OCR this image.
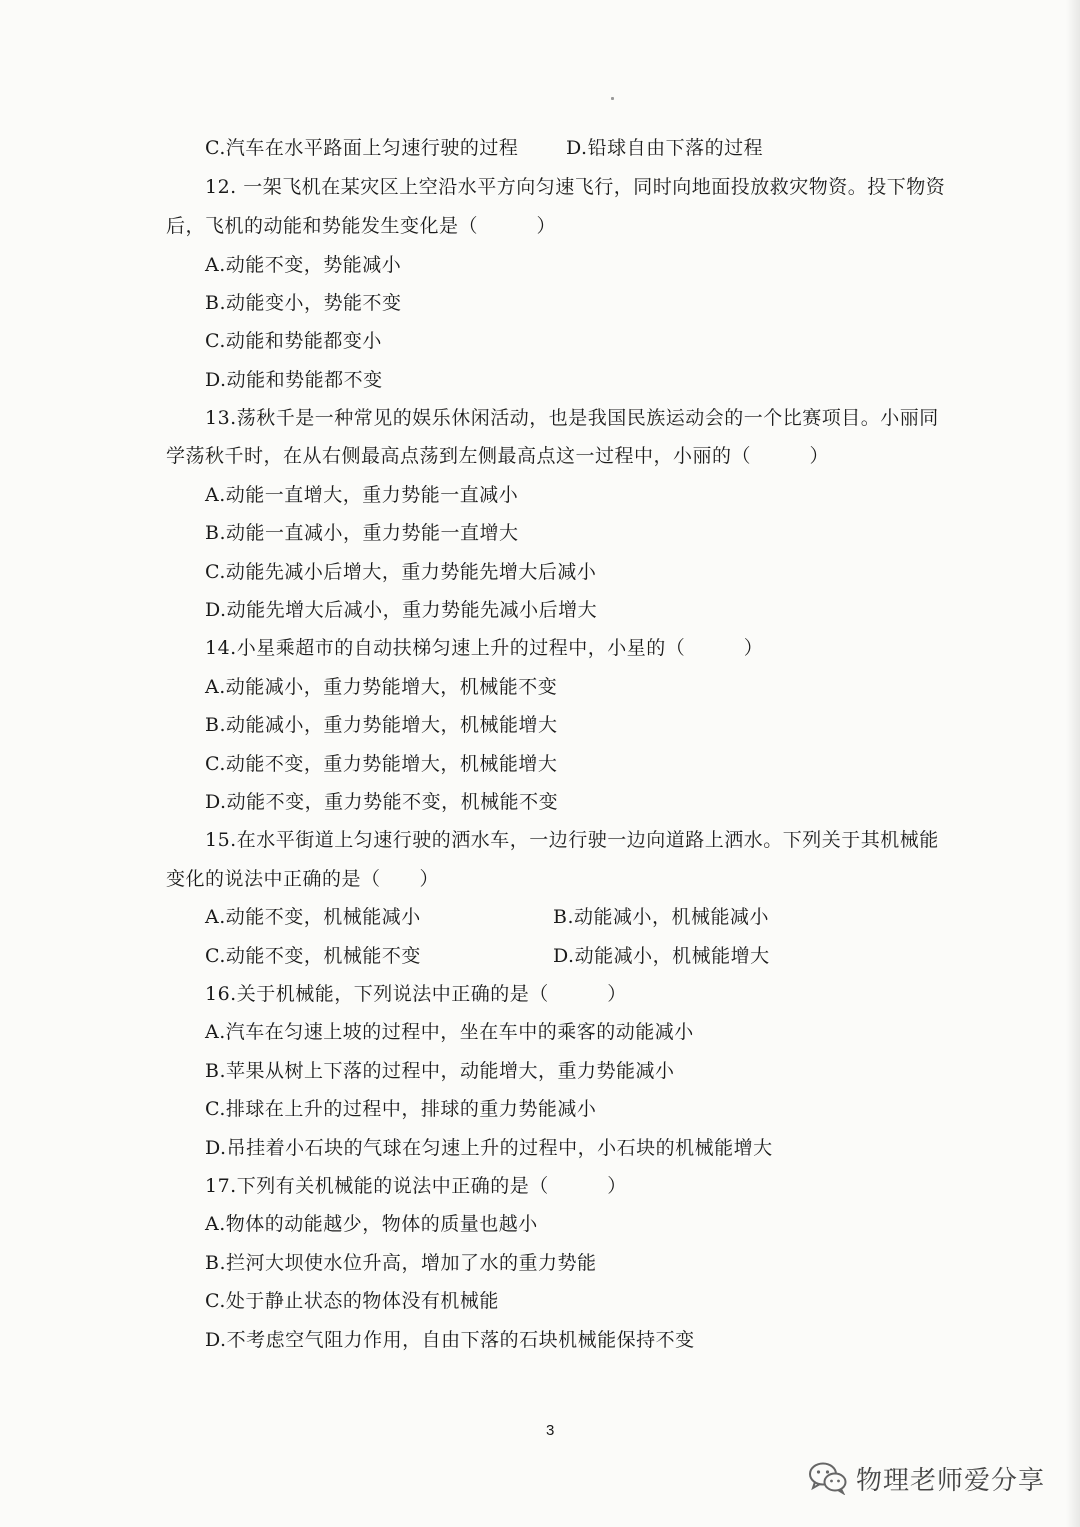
C.汽车在水平路面上匀速行驶的过程	D.铅球自由下落的过程
12. 一架飞机在某灾区上空沿水平方向匀速飞行，同时向地面投放救灾物资。投下物资
后，飞机的动能和势能发生变化是（　　　）
A.动能不变，势能减小
B.动能变小，势能不变
C.动能和势能都变小
D.动能和势能都不变
13.荡秋千是一种常见的娱乐休闲活动，也是我国民族运动会的一个比赛项目。小丽同
学荡秋千时，在从右侧最高点荡到左侧最高点这一过程中，小丽的（　　　）
A.动能一直增大，重力势能一直减小
B.动能一直减小，重力势能一直增大
C.动能先减小后增大，重力势能先增大后减小
D.动能先增大后减小，重力势能先减小后增大
14.小星乘超市的自动扶梯匀速上升的过程中，小星的（　　　）
A.动能减小，重力势能增大，机械能不变
B.动能减小，重力势能增大，机械能增大
C.动能不变，重力势能增大，机械能增大
D.动能不变，重力势能不变，机械能不变
15.在水平街道上匀速行驶的洒水车，一边行驶一边向道路上洒水。下列关于其机械能
变化的说法中正确的是（　　）
A.动能不变，机械能减小	B.动能减小，机械能减小
C.动能不变，机械能不变	D.动能减小，机械能增大
16.关于机械能，下列说法中正确的是（　　　）
A.汽车在匀速上坡的过程中，坐在车中的乘客的动能减小
B.苹果从树上下落的过程中，动能增大，重力势能减小
C.排球在上升的过程中，排球的重力势能减小
D.吊挂着小石块的气球在匀速上升的过程中，小石块的机械能增大
17.下列有关机械能的说法中正确的是（　　　）
A.物体的动能越少，物体的质量也越小
B.拦河大坝使水位升高，增加了水的重力势能
C.处于静止状态的物体没有机械能
D.不考虑空气阻力作用，自由下落的石块机械能保持不变
3
物理老师爱分享
